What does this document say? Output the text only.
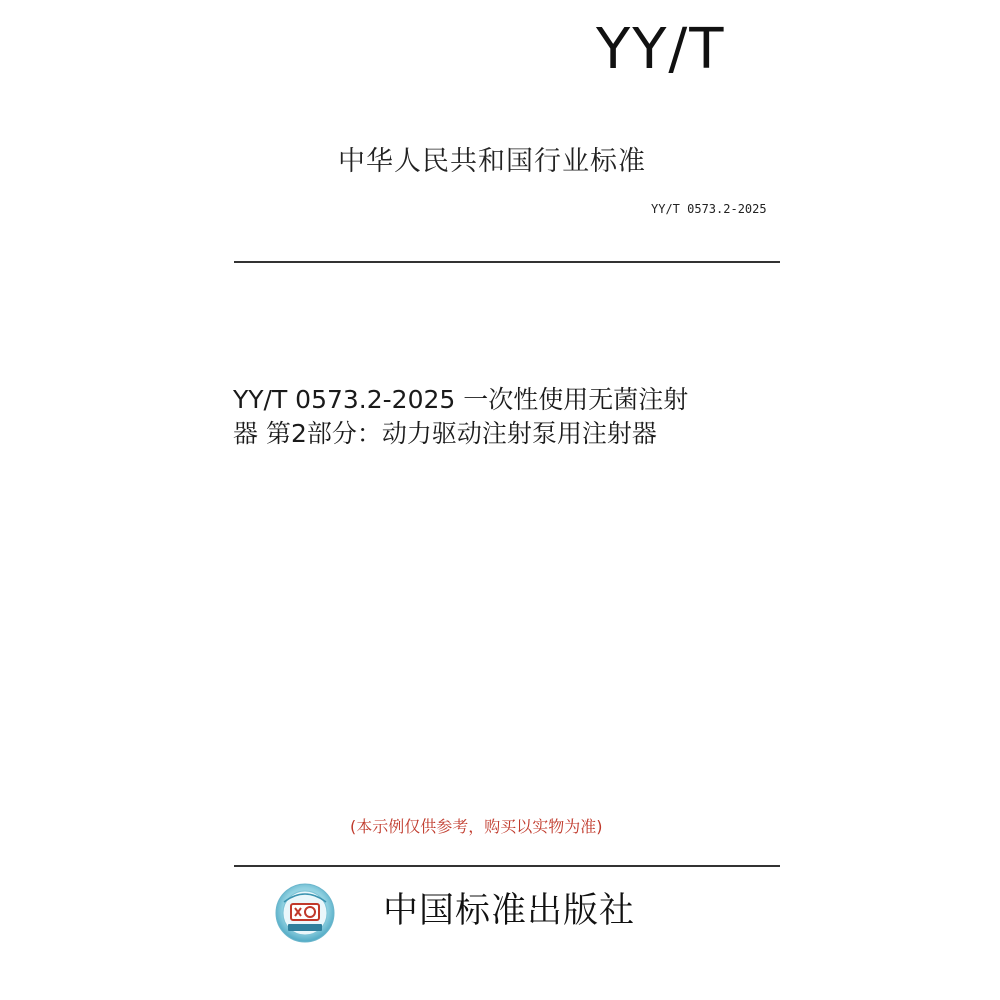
YY/T
中华人民共和国行业标准
YY/T 0573.2-2025
YY/T 0573.2-2025 一次性使用无菌注射
器 第2部分：动力驱动注射泵用注射器
(本示例仅供参考，购买以实物为准)
中国标准出版社
